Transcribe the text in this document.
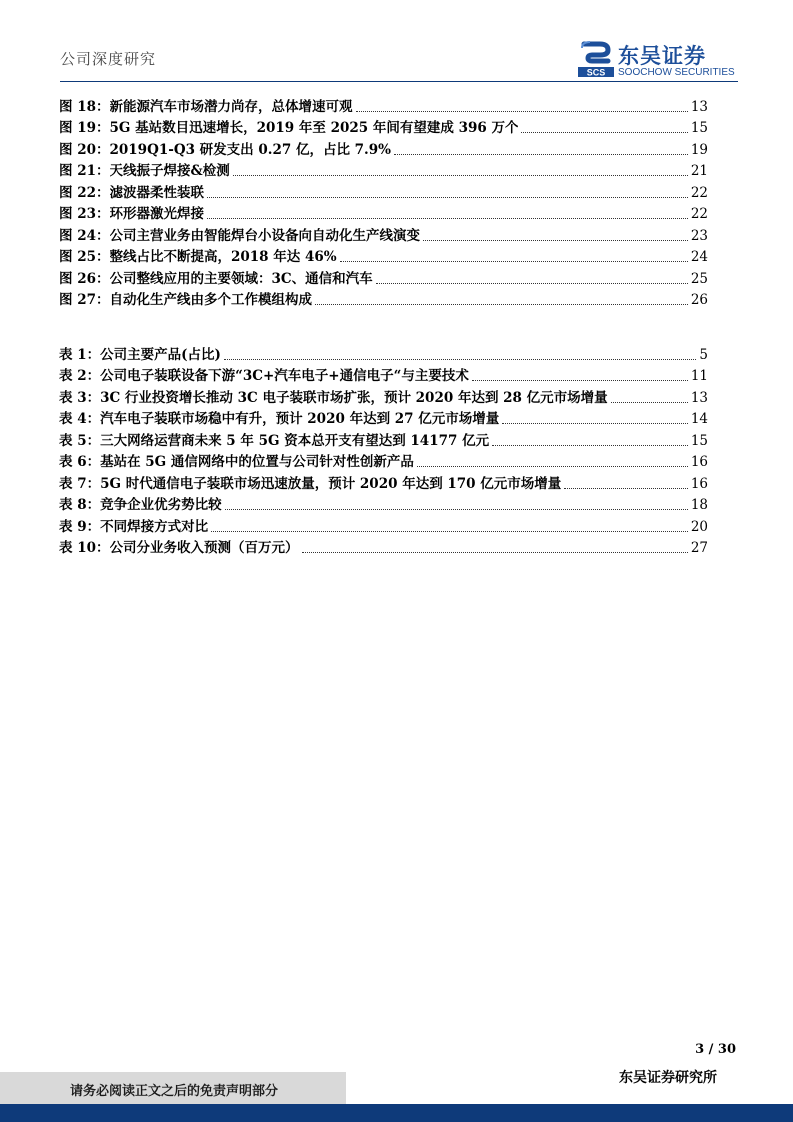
公司深度研究
SCS
东吴证券
SOOCHOW SECURITIES
图 18： 新能源汽车市场潜力尚存，总体增速可观	13
图 19： 5G 基站数目迅速增长，2019 年至 2025 年间有望建成 396 万个	15
图 20： 2019Q1-Q3 研发支出 0.27 亿，占比 7.9%	19
图 21： 天线振子焊接&检测	21
图 22： 滤波器柔性装联	22
图 23： 环形器激光焊接	22
图 24： 公司主营业务由智能焊台小设备向自动化生产线演变	23
图 25： 整线占比不断提高，2018 年达 46%	24
图 26： 公司整线应用的主要领域：3C、通信和汽车	25
图 27： 自动化生产线由多个工作模组构成	26
表 1： 公司主要产品(占比)	5
表 2： 公司电子装联设备下游“3C+汽车电子+通信电子“与主要技术	11
表 3： 3C 行业投资增长推动 3C 电子装联市场扩张，预计 2020 年达到 28 亿元市场增量	13
表 4： 汽车电子装联市场稳中有升，预计 2020 年达到 27 亿元市场增量	14
表 5： 三大网络运营商未来 5 年 5G 资本总开支有望达到 14177 亿元	15
表 6： 基站在 5G 通信网络中的位置与公司针对性创新产品	16
表 7： 5G 时代通信电子装联市场迅速放量，预计 2020 年达到 170 亿元市场增量	16
表 8： 竞争企业优劣势比较	18
表 9： 不同焊接方式对比	20
表 10： 公司分业务收入预测（百万元）	27
3 / 30
请务必阅读正文之后的免责声明部分
东吴证券研究所
